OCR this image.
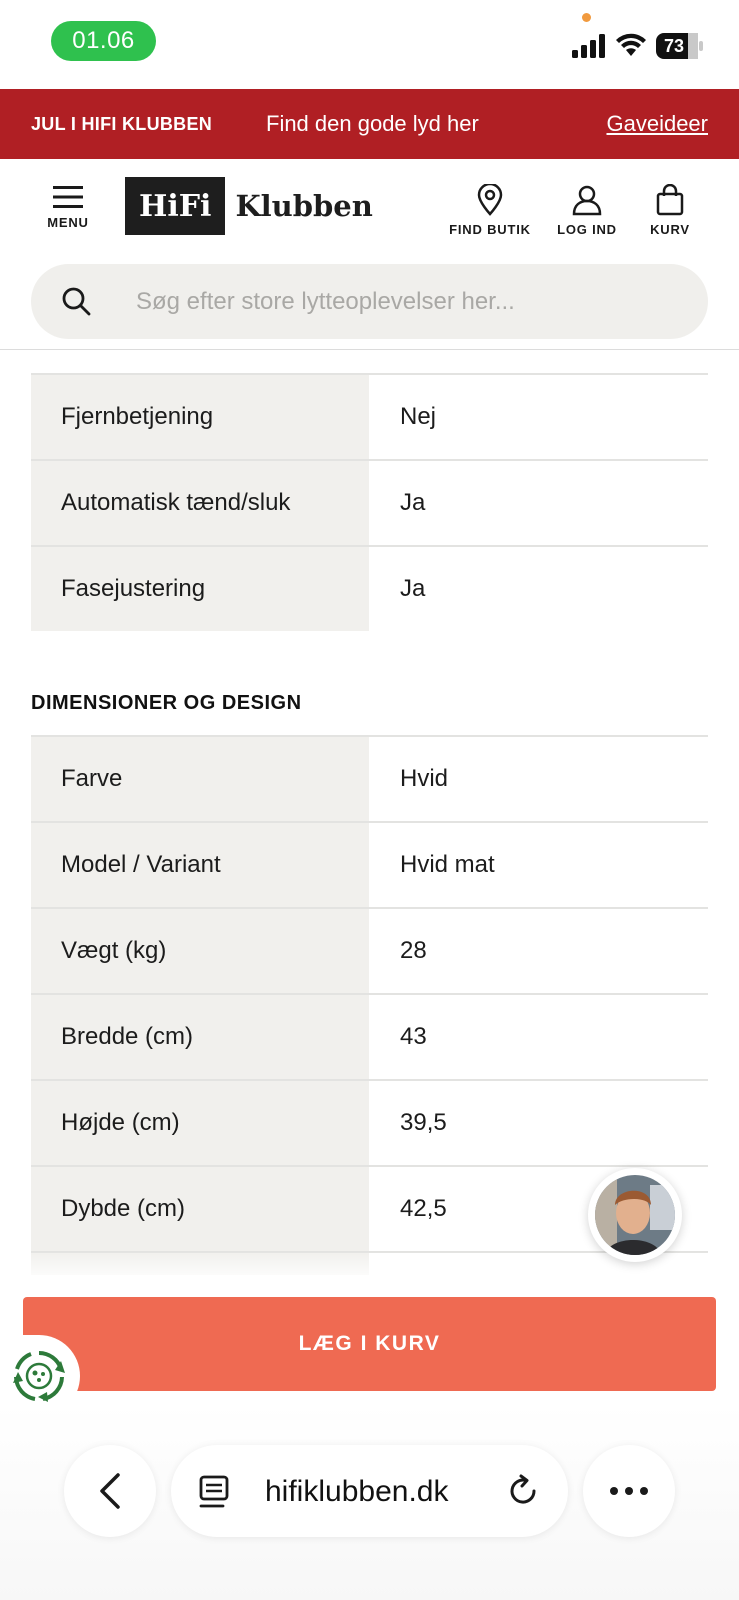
01.06	73
JUL I HIFI KLUBBEN Find den gode lyd her	Gaveideer
MENU	HiFi Klubben
FIND BUTIK LOG IND	KURV
Søg efter store lytteoplevelser her...
Fjernbetjening	Nej
Automatisk tænd/sluk	Ja
Fasejustering	Ja
DIMENSIONER OG DESIGN
Farve	Hvid
Model / Variant	Hvid mat
Vægt (kg)	28
Bredde (cm)	43
Højde (cm)	39,5
Dybde (cm)	42,5
LÆG I KURV
hifiklubben.dk
